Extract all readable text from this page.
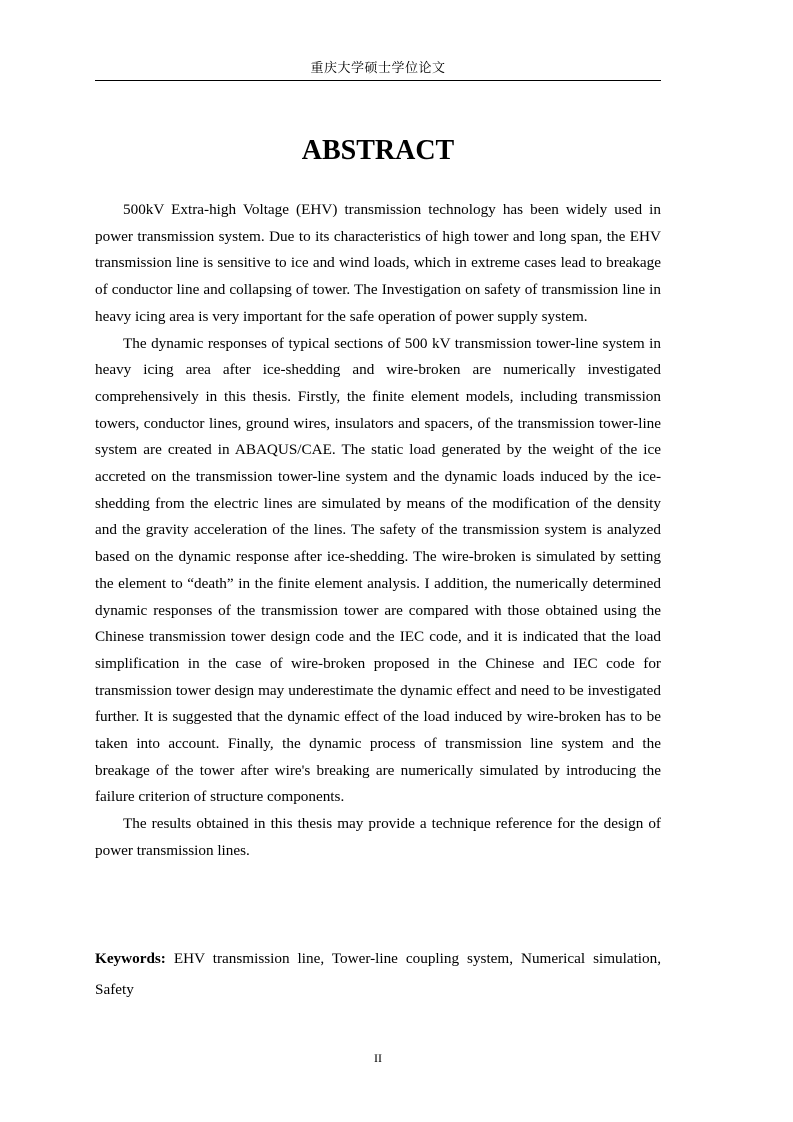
重庆大学硕士学位论文
ABSTRACT

500kV Extra-high Voltage (EHV) transmission technology has been widely used in power transmission system. Due to its characteristics of high tower and long span, the EHV transmission line is sensitive to ice and wind loads, which in extreme cases lead to breakage of conductor line and collapsing of tower. The Investigation on safety of transmission line in heavy icing area is very important for the safe operation of power supply system.

The dynamic responses of typical sections of 500 kV transmission tower-line system in heavy icing area after ice-shedding and wire-broken are numerically investigated comprehensively in this thesis. Firstly, the finite element models, including transmission towers, conductor lines, ground wires, insulators and spacers, of the transmission tower-line system are created in ABAQUS/CAE. The static load generated by the weight of the ice accreted on the transmission tower-line system and the dynamic loads induced by the ice-shedding from the electric lines are simulated by means of the modification of the density and the gravity acceleration of the lines. The safety of the transmission system is analyzed based on the dynamic response after ice-shedding. The wire-broken is simulated by setting the element to “death” in the finite element analysis. I addition, the numerically determined dynamic responses of the transmission tower are compared with those obtained using the Chinese transmission tower design code and the IEC code, and it is indicated that the load simplification in the case of wire-broken proposed in the Chinese and IEC code for transmission tower design may underestimate the dynamic effect and need to be investigated further. It is suggested that the dynamic effect of the load induced by wire-broken has to be taken into account. Finally, the dynamic process of transmission line system and the breakage of the tower after wire's breaking are numerically simulated by introducing the failure criterion of structure components.

The results obtained in this thesis may provide a technique reference for the design of power transmission lines.

Keywords: EHV transmission line, Tower-line coupling system, Numerical simulation, Safety

II
